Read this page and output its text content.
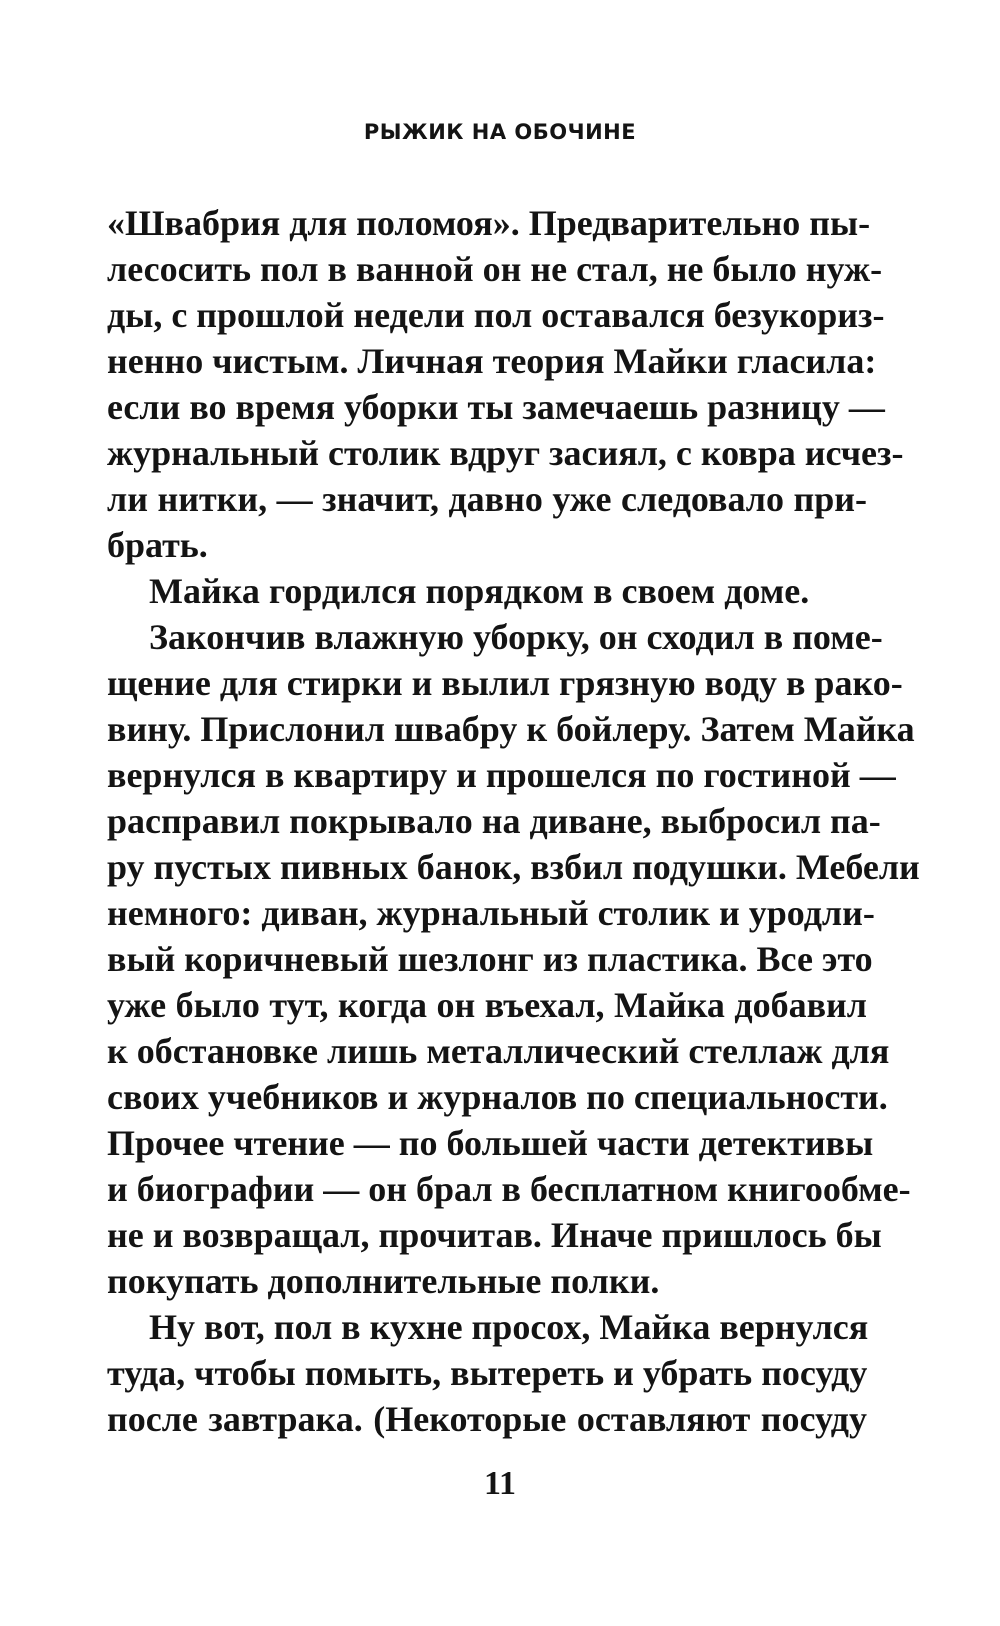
РЫЖИК НА ОБОЧИНЕ
«Швабрия для поломоя». Предварительно пы-
лесосить пол в ванной он не стал, не было нуж-
ды, с прошлой недели пол оставался безукориз-
ненно чистым. Личная теория Майки гласила:
если во время уборки ты замечаешь разницу —
журнальный столик вдруг засиял, с ковра исчез-
ли нитки, — значит, давно уже следовало при-
брать.
Майка гордился порядком в своем доме.
Закончив влажную уборку, он сходил в поме-
щение для стирки и вылил грязную воду в рако-
вину. Прислонил швабру к бойлеру. Затем Майка
вернулся в квартиру и прошелся по гостиной —
расправил покрывало на диване, выбросил па-
ру пустых пивных банок, взбил подушки. Мебели
немного: диван, журнальный столик и уродли-
вый коричневый шезлонг из пластика. Все это
уже было тут, когда он въехал, Майка добавил
к обстановке лишь металлический стеллаж для
своих учебников и журналов по специальности.
Прочее чтение — по большей части детективы
и биографии — он брал в бесплатном книгообме-
не и возвращал, прочитав. Иначе пришлось бы
покупать дополнительные полки.
Ну вот, пол в кухне просох, Майка вернулся
туда, чтобы помыть, вытереть и убрать посуду
после завтрака. (Некоторые оставляют посуду
11
